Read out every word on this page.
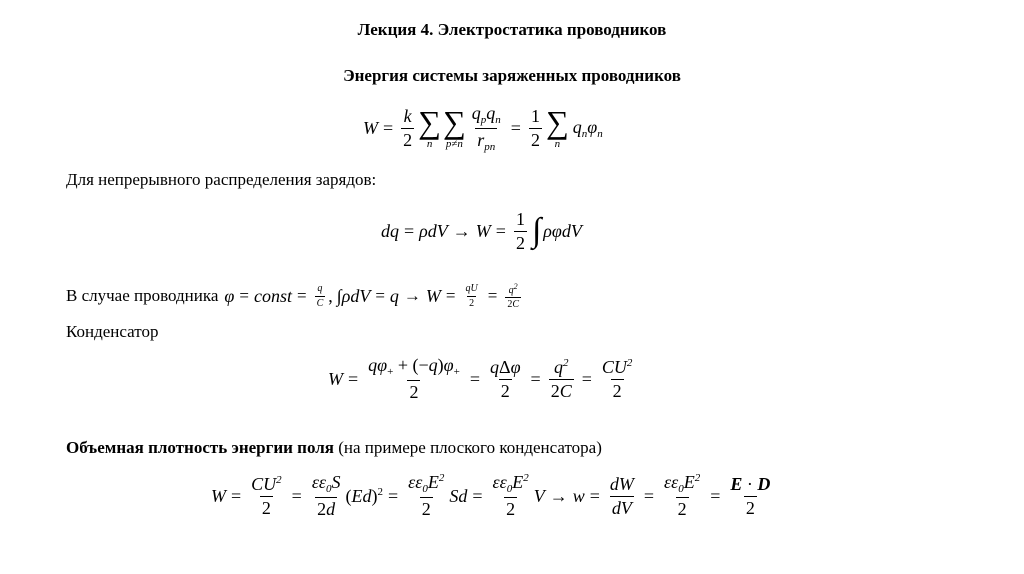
Лекция 4. Электростатика проводников
Энергия системы заряженных проводников
$W = \frac{k}{2}$ ∑
n
∑
$p\ne n \frac{q_pq_n}{r_{pn}} = \frac{1}{2}$ ∑
n
$q_n\varphi_n$
Для непрерывного распределения зарядов:
dq = $\rho dV \to W = \frac{1}{2}$ ∫ ρφdV
В случае проводника φ = const = $\frac{q}{C}$ , ∫ $\rho dV = q \to W = \frac{qU}{2} = \frac{q^2}{2C}$
Конденсатор
$W = \frac{q\varphi_+ + (-q)\varphi_+}{2} = \frac{\text{qΔφ}}{2} = \frac{q^2}{2C} = \frac{CU^2}{2}$
Объемная плотность энергии поля (на примере плоского конденсатора)
$W = \frac{CU^2}{2} = \frac{\varepsilon\varepsilon_0S}{2d} (Ed)^2 = \frac{\varepsilon\varepsilon_0E^2}{2}$ $Sd = \frac{\varepsilon\varepsilon_0E^2}{2}$ $V \to w = \frac{dW}{dV} = \frac{\varepsilon\varepsilon_0E^2}{2} = \frac{E \cdot D}{2}$
